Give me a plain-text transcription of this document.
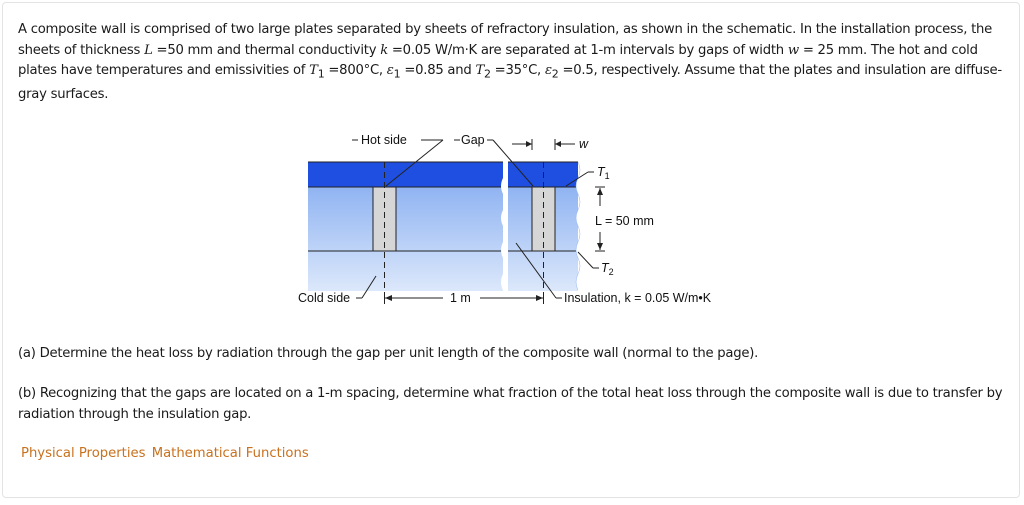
A composite wall is comprised of two large plates separated by sheets of refractory insulation, as shown in the schematic. In the installation process, the sheets of thickness L =50 mm and thermal conductivity k =0.05 W/m·K are separated at 1-m intervals by gaps of width w = 25 mm. The hot and cold plates have temperatures and emissivities of $T_1 =800^\circ C$, $\varepsilon_1 =0.85$ and $T_2 =35^\circ C$, $\varepsilon_2 =0.5$, respectively. Assume that the plates and insulation are diffuse-gray surfaces.
Hot side	Gap	w
$T_1$
L = 50 mm
$T_2$
Cold side	1 m	Insulation, k = 0.05 W/m•K

(a) Determine the heat loss by radiation through the gap per unit length of the composite wall (normal to the page).

(b) Recognizing that the gaps are located on a 1-m spacing, determine what fraction of the total heat loss through the composite wall is due to transfer by radiation through the insulation gap.

Physical Properties Mathematical Functions
